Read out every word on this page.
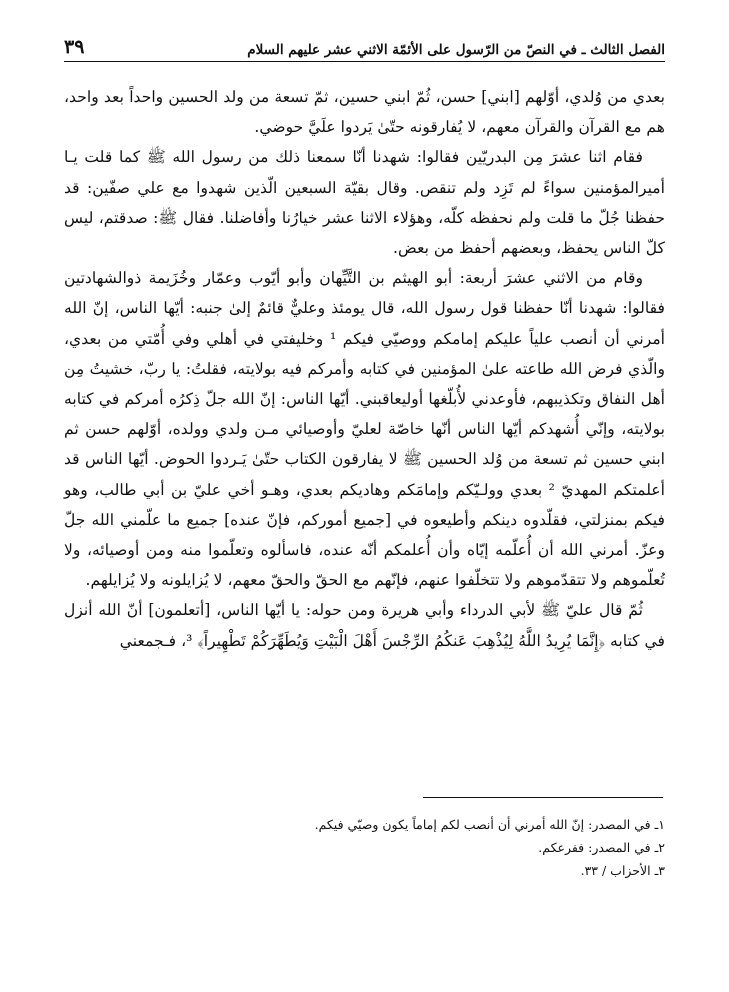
الفصل الثالث ـ في النصّ من الرّسول على الأئمّة الاثني عشر عليهم السلام
٣٩

بعدي من وُلدي، أوّلهم [ابني] حسن، ثُمّ ابني حسين، ثمّ تسعة من ولد الحسين واحداً بعد واحد، هم مع القرآن والقرآن معهم، لا يُفارقونه حتّىٰ يَردوا علَيَّ حوضي.

فقام اثنا عشرَ مِن البدريّين فقالوا: شهدنا أنّا سمعنا ذلك من رسول الله ﷺ كما قلت يـا أميرالمؤمنين سواءً لم تَزِد ولم تنقص. وقال بقيّة السبعين الّذين شهدوا مع علي صفّين: قد حفظنا جُلّ ما قلت ولم نحفظه كلّه، وهؤلاء الاثنا عشر خيارُنا وأفاضلنا. فقال ﷺ: صدقتم، ليس كلّ الناس يحفظ، وبعضهم أحفظ من بعض.

وقام من الاثني عشرَ أربعة: أبو الهيثم بن التَّيِّهان وأبو أيّوب وعمّار وخُزَيمة ذوالشهادتين فقالوا: شهدنا أنّا حفظنا قول رسول الله، قال يومئذ وعليٌّ قائمٌ إلىٰ جنبه: أيّها الناس، إنّ الله أمرني أن أنصب علياً عليكم إمامكم ووصيّي فيكم ¹ وخليفتي في أهلي وفي أُمّتي من بعدي، والّذي فرض الله طاعته علىٰ المؤمنين في كتابه وأمركم فيه بولايته، فقلتُ: يا ربّ، خشيتُ مِن أهل النفاق وتكذيبهم، فأوعدني لأُبلّغها أوليعاقبني. أيّها الناس: إنّ الله جلّ ذِكرُه أمركم في كتابه بولايته، وإنّي أُشهدكم أيّها الناس أنّها خاصّة لعليّ وأوصيائي مـن ولدي وولده، أوّلهم حسن ثم ابني حسين ثم تسعة من وُلد الحسين ﷺ لا يفارقون الكتاب حتّىٰ يَـردوا الحوض. أيّها الناس قد أعلمتكم المهديّ ² بعدي وولـيّكم وإمامَكم وهاديكم بعدي، وهـو أخي عليّ بن أبي طالب، وهو فيكم بمنزلتي، فقلّدوه دينكم وأطيعوه في [جميع أموركم، فإنّ عنده] جميع ما علّمني الله جلّ وعزّ. أمرني الله أن أُعلّمه إيّاه وأن أُعلمكم أنّه عنده، فاسألوه وتعلّموا منه ومن أوصيائه، ولا تُعلّموهم ولا تتقدّموهم ولا تتخلّفوا عنهم، فإنّهم مع الحقّ والحقّ معهم، لا يُزايلونه ولا يُزايلهم.

ثُمّ قال عليّ ﷺ لأبي الدرداء وأبي هريرة ومن حوله: يا أيّها الناس، [أتعلمون] أنّ الله أنزل في كتابه ﴿إِنَّمَا يُرِيدُ اللَّهُ لِيُذْهِبَ عَنكُمُ الرِّجْسَ أَهْلَ الْبَيْتِ وَيُطَهِّرَكُمْ تَطْهِيراً﴾ ³، فـجمعني

١ـ في المصدر: إنّ الله أمرني أن أنصب لكم إماماً يكون وصيّي فيكم.
٢ـ في المصدر: ففرعكم.
٣ـ الأحزاب / ٣٣.
